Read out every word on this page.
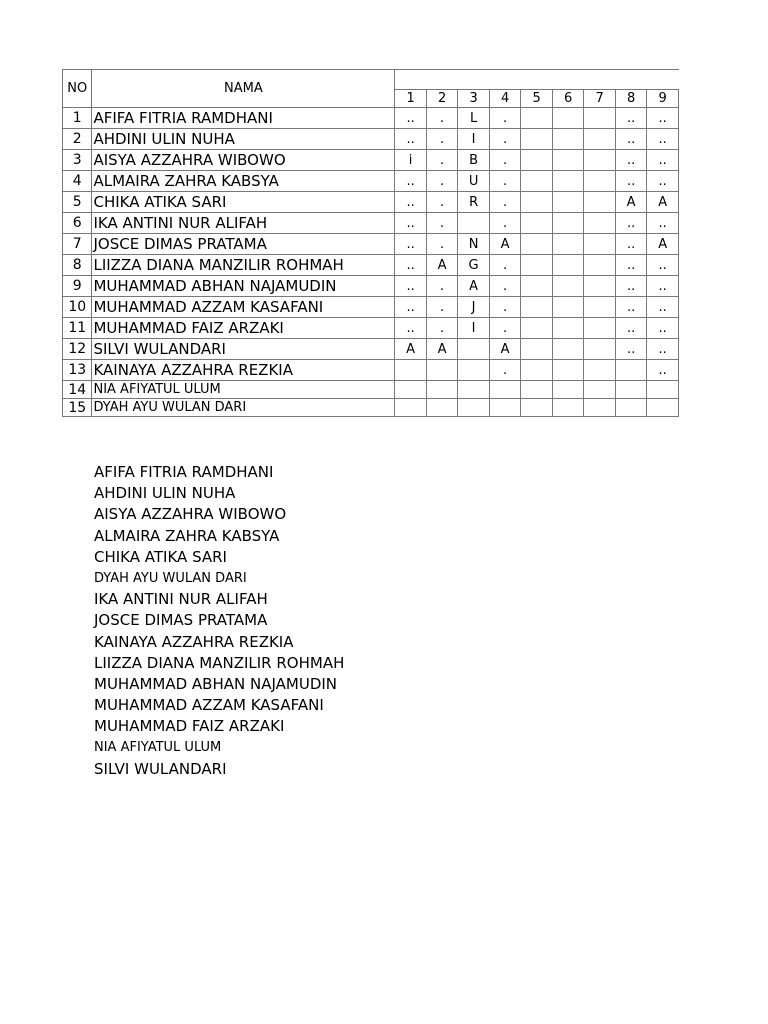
NO	NAMA									
		1	2	3	4	5	6	7	8	9
1	AFIFA FITRIA RAMDHANI	..	.	L	.				..	..
2	AHDINI ULIN NUHA	..	.	I	.				..	..
3	AISYA AZZAHRA WIBOWO	i	.	B	.				..	..
4	ALMAIRA ZAHRA KABSYA	..	.	U	.				..	..
5	CHIKA ATIKA SARI	..	.	R	.				A	A
6	IKA ANTINI NUR ALIFAH	..	.		.				..	..
7	JOSCE DIMAS PRATAMA	..	.	N	A				..	A
8	LIIZZA DIANA MANZILIR ROHMAH	..	A	G	.				..	..
9	MUHAMMAD ABHAN NAJAMUDIN	..	.	A	.				..	..
10	MUHAMMAD AZZAM KASAFANI	..	.	J	.				..	..
11	MUHAMMAD FAIZ ARZAKI	..	.	I	.				..	..
12	SILVI WULANDARI	A	A		A				..	..
13	KAINAYA AZZAHRA REZKIA				.					..
14	NIA AFIYATUL ULUM									
15	DYAH AYU WULAN DARI									
AFIFA FITRIA RAMDHANI
AHDINI ULIN NUHA
AISYA AZZAHRA WIBOWO
ALMAIRA ZAHRA KABSYA
CHIKA ATIKA SARI
DYAH AYU WULAN DARI
IKA ANTINI NUR ALIFAH
JOSCE DIMAS PRATAMA
KAINAYA AZZAHRA REZKIA
LIIZZA DIANA MANZILIR ROHMAH
MUHAMMAD ABHAN NAJAMUDIN
MUHAMMAD AZZAM KASAFANI
MUHAMMAD FAIZ ARZAKI
NIA AFIYATUL ULUM
SILVI WULANDARI
